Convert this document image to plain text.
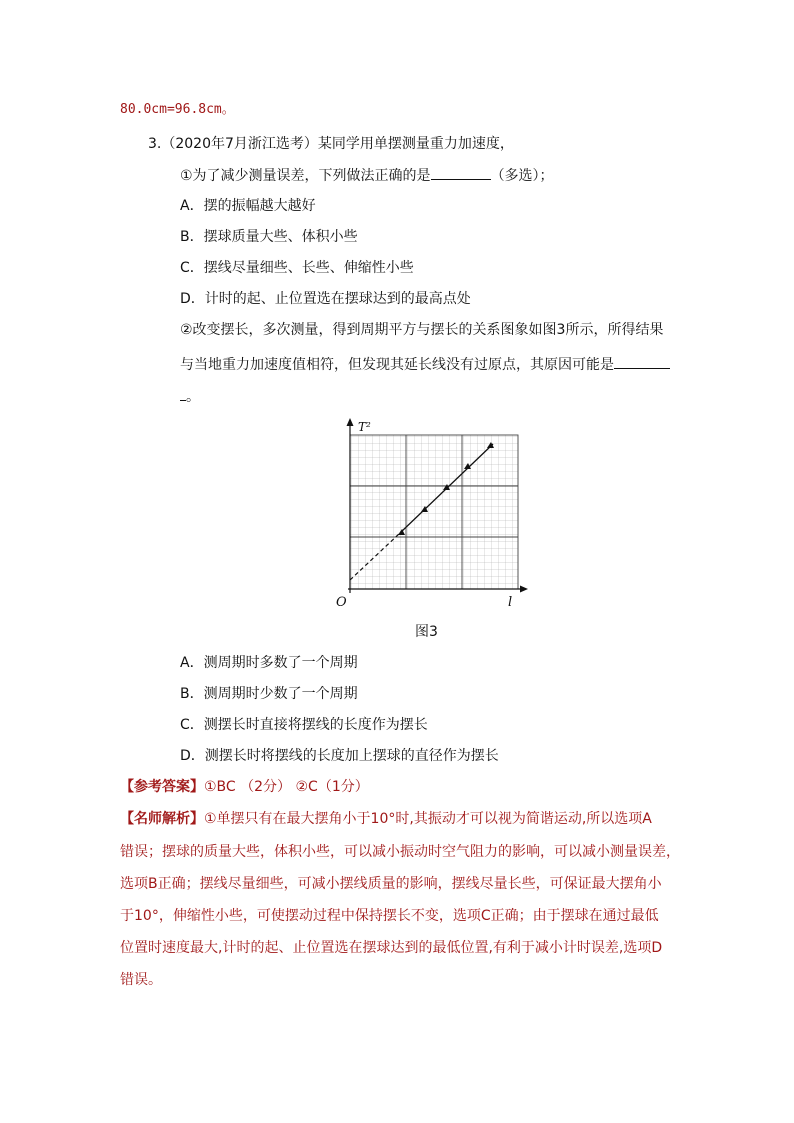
80.0cm=96.8cm。
3.（2020年7月浙江选考）某同学用单摆测量重力加速度，
①为了减少测量误差，下列做法正确的是	（多选）；
A．摆的振幅越大越好
B．摆球质量大些、体积小些
C．摆线尽量细些、长些、伸缩性小些
D．计时的起、止位置选在摆球达到的最高点处
②改变摆长，多次测量，得到周期平方与摆长的关系图象如图3所示，所得结果
与当地重力加速度值相符，但发现其延长线没有过原点，其原因可能是
。
T²
l
O
图3
A．测周期时多数了一个周期
B．测周期时少数了一个周期
C．测摆长时直接将摆线的长度作为摆长
D．测摆长时将摆线的长度加上摆球的直径作为摆长
【参考答案】①BC （2分） ②C（1分）
【名师解析】①单摆只有在最大摆角小于10°时,其振动才可以视为简谐运动,所以选项A
错误；摆球的质量大些，体积小些，可以减小振动时空气阻力的影响，可以减小测量误差，
选项B正确；摆线尽量细些，可减小摆线质量的影响，摆线尽量长些，可保证最大摆角小
于10°，伸缩性小些，可使摆动过程中保持摆长不变，选项C正确；由于摆球在通过最低
位置时速度最大,计时的起、止位置选在摆球达到的最低位置,有利于减小计时误差,选项D
错误。
